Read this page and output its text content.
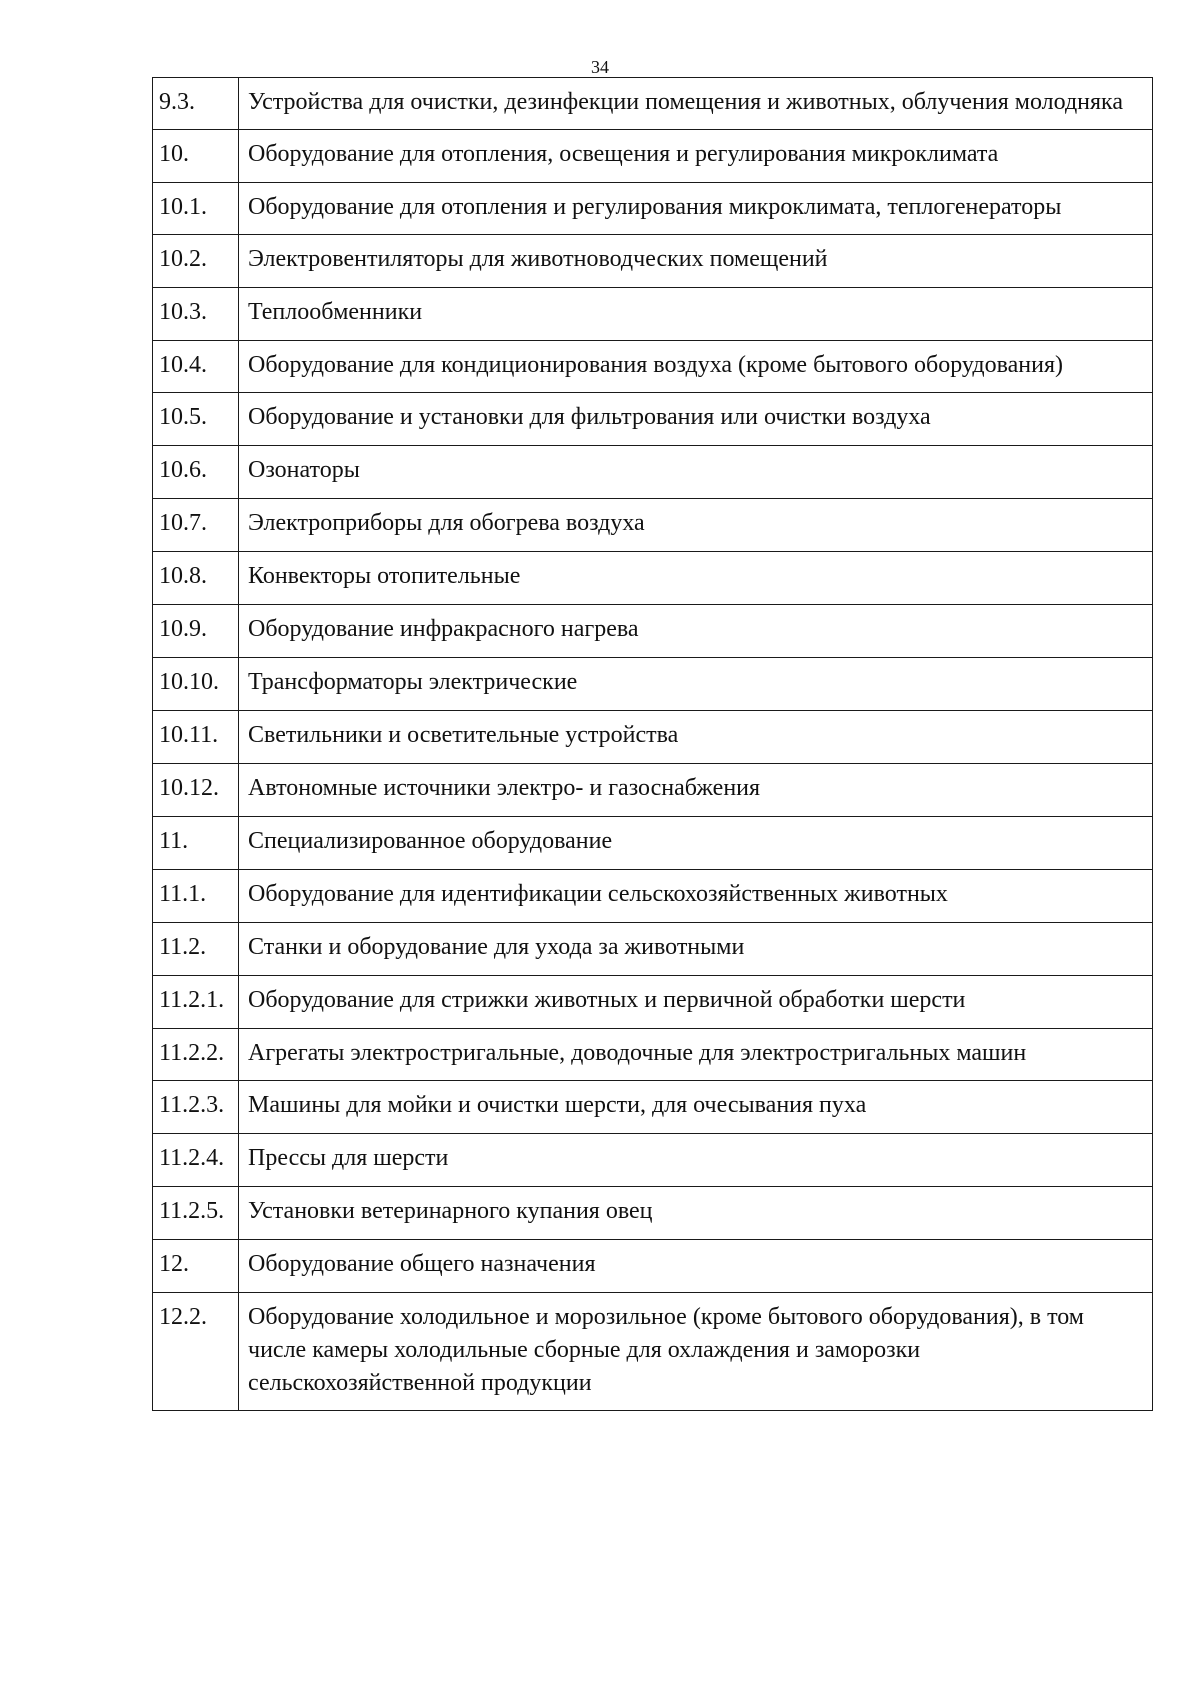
34
9.3.	Устройства для очистки, дезинфекции помещения и животных, облучения молодняка
10.	Оборудование для отопления, освещения и регулирования микроклимата
10.1.	Оборудование для отопления и регулирования микроклимата, теплогенераторы
10.2.	Электровентиляторы для животноводческих помещений
10.3.	Теплообменники
10.4.	Оборудование для кондиционирования воздуха (кроме бытового оборудования)
10.5.	Оборудование и установки для фильтрования или очистки воздуха
10.6.	Озонаторы
10.7.	Электроприборы для обогрева воздуха
10.8.	Конвекторы отопительные
10.9.	Оборудование инфракрасного нагрева
10.10.	Трансформаторы электрические
10.11.	Светильники и осветительные устройства
10.12.	Автономные источники электро- и газоснабжения
11.	Специализированное оборудование
11.1.	Оборудование для идентификации сельскохозяйственных животных
11.2.	Станки и оборудование для ухода за животными
11.2.1.	Оборудование для стрижки животных и первичной обработки шерсти
11.2.2.	Агрегаты электростригальные, доводочные для электростригальных машин
11.2.3.	Машины для мойки и очистки шерсти, для очесывания пуха
11.2.4.	Прессы для шерсти
11.2.5.	Установки ветеринарного купания овец
12.	Оборудование общего назначения
12.2.	Оборудование холодильное и морозильное (кроме бытового оборудования), в том числе камеры холодильные сборные для охлаждения и заморозки сельскохозяйственной продукции
